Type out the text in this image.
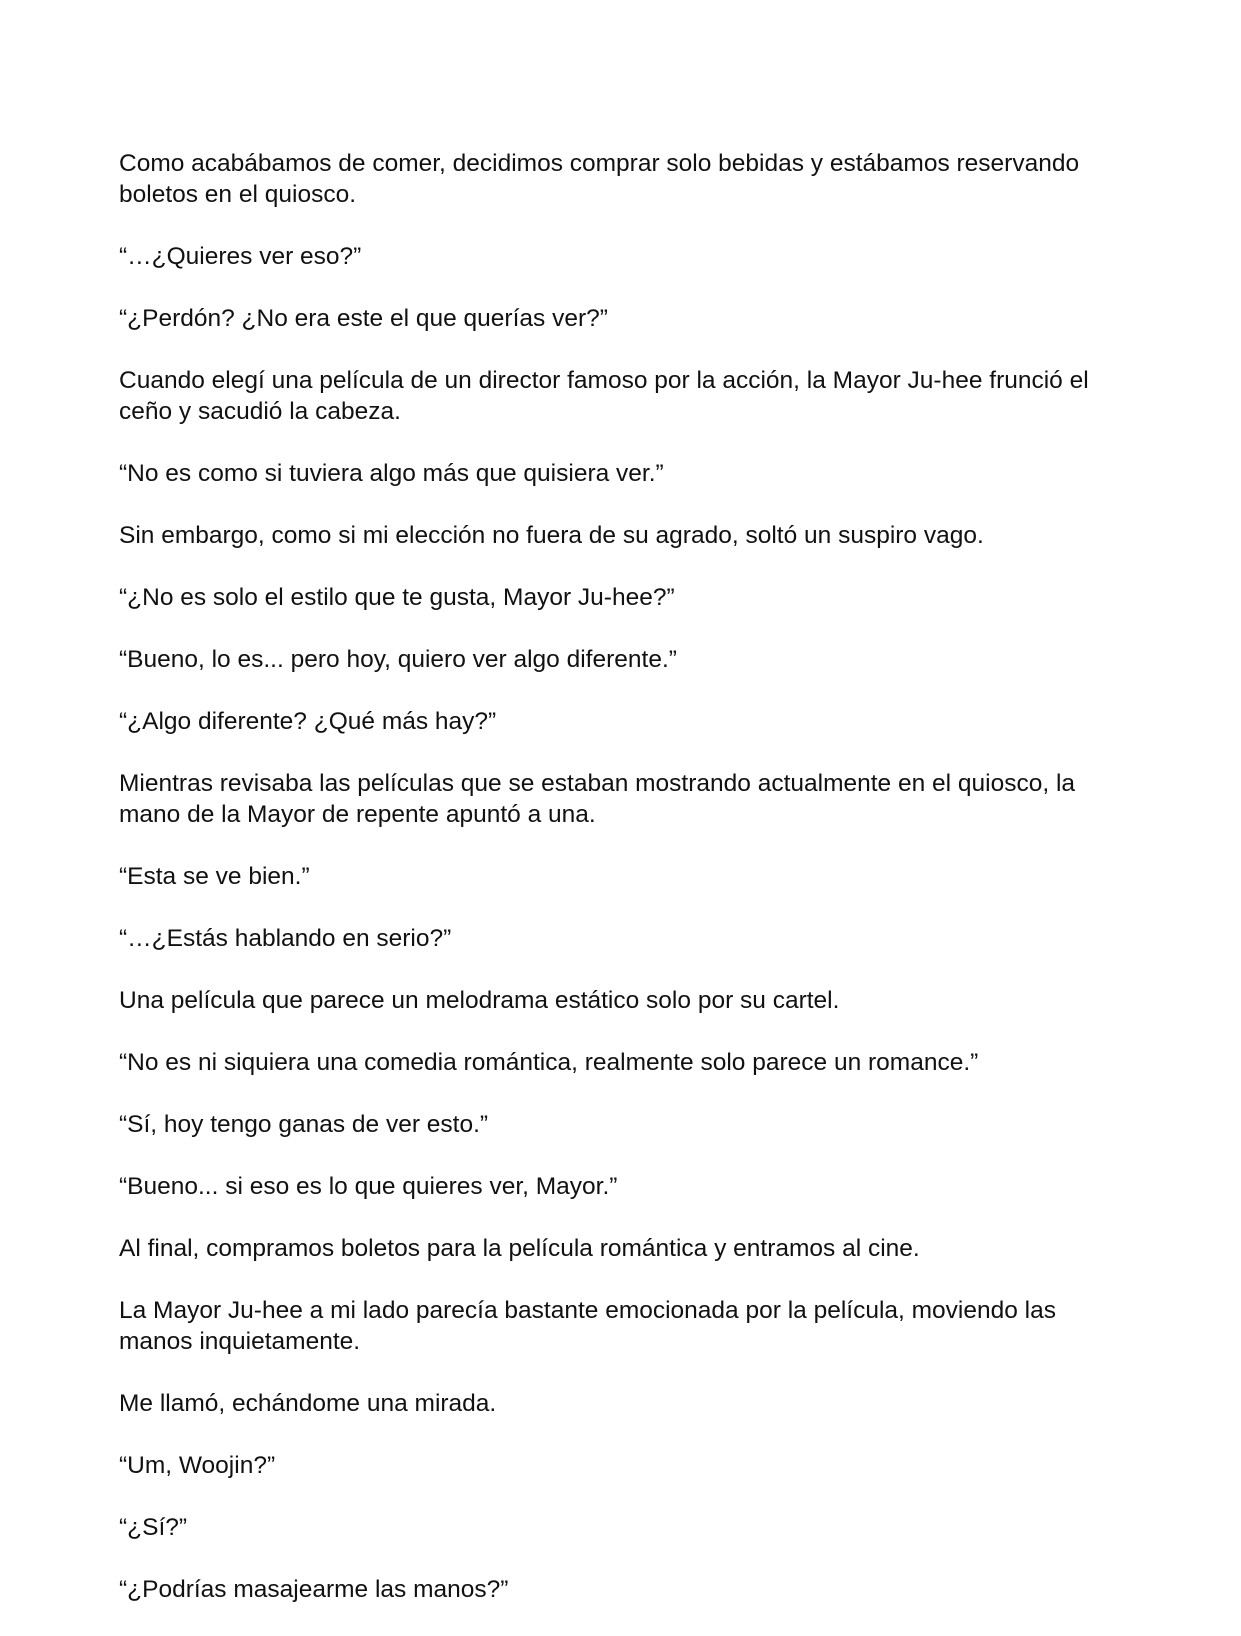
Como acabábamos de comer, decidimos comprar solo bebidas y estábamos reservando boletos en el quiosco.

“…¿Quieres ver eso?”

“¿Perdón? ¿No era este el que querías ver?”

Cuando elegí una película de un director famoso por la acción, la Mayor Ju-hee frunció el ceño y sacudió la cabeza.

“No es como si tuviera algo más que quisiera ver.”

Sin embargo, como si mi elección no fuera de su agrado, soltó un suspiro vago.

“¿No es solo el estilo que te gusta, Mayor Ju-hee?”

“Bueno, lo es... pero hoy, quiero ver algo diferente.”

“¿Algo diferente? ¿Qué más hay?”

Mientras revisaba las películas que se estaban mostrando actualmente en el quiosco, la mano de la Mayor de repente apuntó a una.

“Esta se ve bien.”

“…¿Estás hablando en serio?”

Una película que parece un melodrama estático solo por su cartel.

“No es ni siquiera una comedia romántica, realmente solo parece un romance.”

“Sí, hoy tengo ganas de ver esto.”

“Bueno... si eso es lo que quieres ver, Mayor.”

Al final, compramos boletos para la película romántica y entramos al cine.

La Mayor Ju-hee a mi lado parecía bastante emocionada por la película, moviendo las manos inquietamente.

Me llamó, echándome una mirada.

“Um, Woojin?”

“¿Sí?”

“¿Podrías masajearme las manos?”
